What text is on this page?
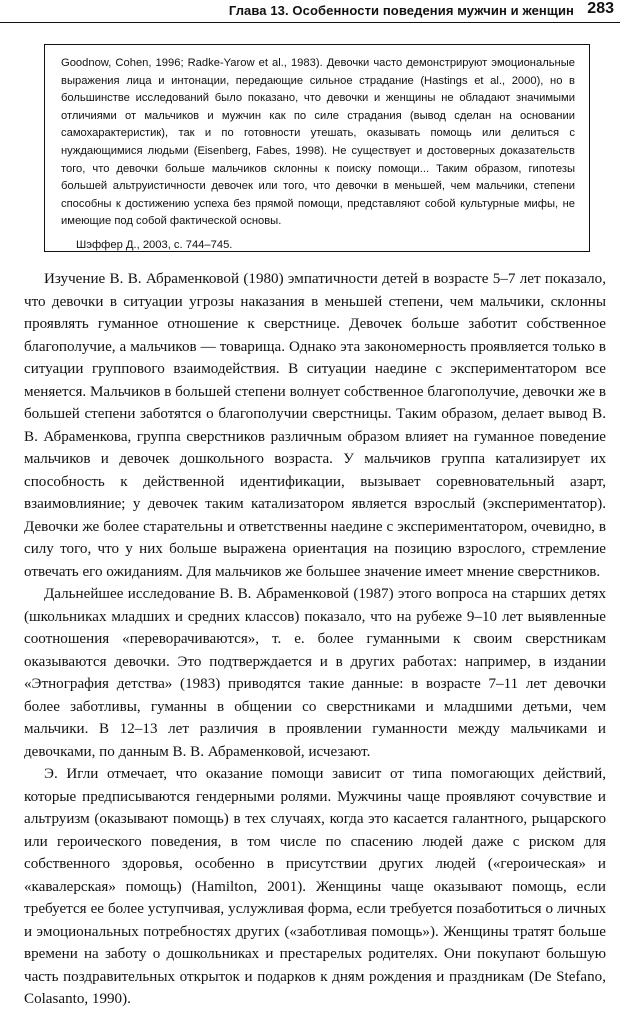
Глава 13. Особенности поведения мужчин и женщин 283

Goodnow, Cohen, 1996; Radke-Yarow et al., 1983). Девочки часто демонстрируют эмоциональные выражения лица и интонации, передающие сильное страдание (Hastings et al., 2000), но в большинстве исследований было показано, что девочки и женщины не обладают значимыми отличиями от мальчиков и мужчин как по силе страдания (вывод сделан на основании самохарактеристик), так и по готовности утешать, оказывать помощь или делиться с нуждающимися людьми (Eisenberg, Fabes, 1998). Не существует и достоверных доказательств того, что девочки больше мальчиков склонны к поиску помощи... Таким образом, гипотезы большей альтруистичности девочек или того, что девочки в меньшей, чем мальчики, степени способны к достижению успеха без прямой помощи, представляют собой культурные мифы, не имеющие под собой фактической основы.

Шэффер Д., 2003, с. 744–745.

Изучение В. В. Абраменковой (1980) эмпатичности детей в возрасте 5–7 лет показало, что девочки в ситуации угрозы наказания в меньшей степени, чем мальчики, склонны проявлять гуманное отношение к сверстнице. Девочек больше заботит собственное благополучие, а мальчиков — товарища. Однако эта закономерность проявляется только в ситуации группового взаимодействия. В ситуации наедине с экспериментатором все меняется. Мальчиков в большей степени волнует собственное благополучие, девочки же в большей степени заботятся о благополучии сверстницы. Таким образом, делает вывод В. В. Абраменкова, группа сверстников различным образом влияет на гуманное поведение мальчиков и девочек дошкольного возраста. У мальчиков группа катализирует их способность к действенной идентификации, вызывает соревновательный азарт, взаимовлияние; у девочек таким катализатором является взрослый (экспериментатор). Девочки же более старательны и ответственны наедине с экспериментатором, очевидно, в силу того, что у них больше выражена ориентация на позицию взрослого, стремление отвечать его ожиданиям. Для мальчиков же большее значение имеет мнение сверстников.

Дальнейшее исследование В. В. Абраменковой (1987) этого вопроса на старших детях (школьниках младших и средних классов) показало, что на рубеже 9–10 лет выявленные соотношения «переворачиваются», т. е. более гуманными к своим сверстникам оказываются девочки. Это подтверждается и в других работах: например, в издании «Этнография детства» (1983) приводятся такие данные: в возрасте 7–11 лет девочки более заботливы, гуманны в общении со сверстниками и младшими детьми, чем мальчики. В 12–13 лет различия в проявлении гуманности между мальчиками и девочками, по данным В. В. Абраменковой, исчезают.

Э. Игли отмечает, что оказание помощи зависит от типа помогающих действий, которые предписываются гендерными ролями. Мужчины чаще проявляют сочувствие и альтруизм (оказывают помощь) в тех случаях, когда это касается галантного, рыцарского или героического поведения, в том числе по спасению людей даже с риском для собственного здоровья, особенно в присутствии других людей («героическая» и «кавалерская» помощь) (Hamilton, 2001). Женщины чаще оказывают помощь, если требуется ее более уступчивая, услужливая форма, если требуется позаботиться о личных и эмоциональных потребностях других («заботливая помощь»). Женщины тратят больше времени на заботу о дошкольниках и престарелых родителях. Они покупают большую часть поздравительных открыток и подарков к дням рождения и праздникам (De Stefano, Colasanto, 1990).
